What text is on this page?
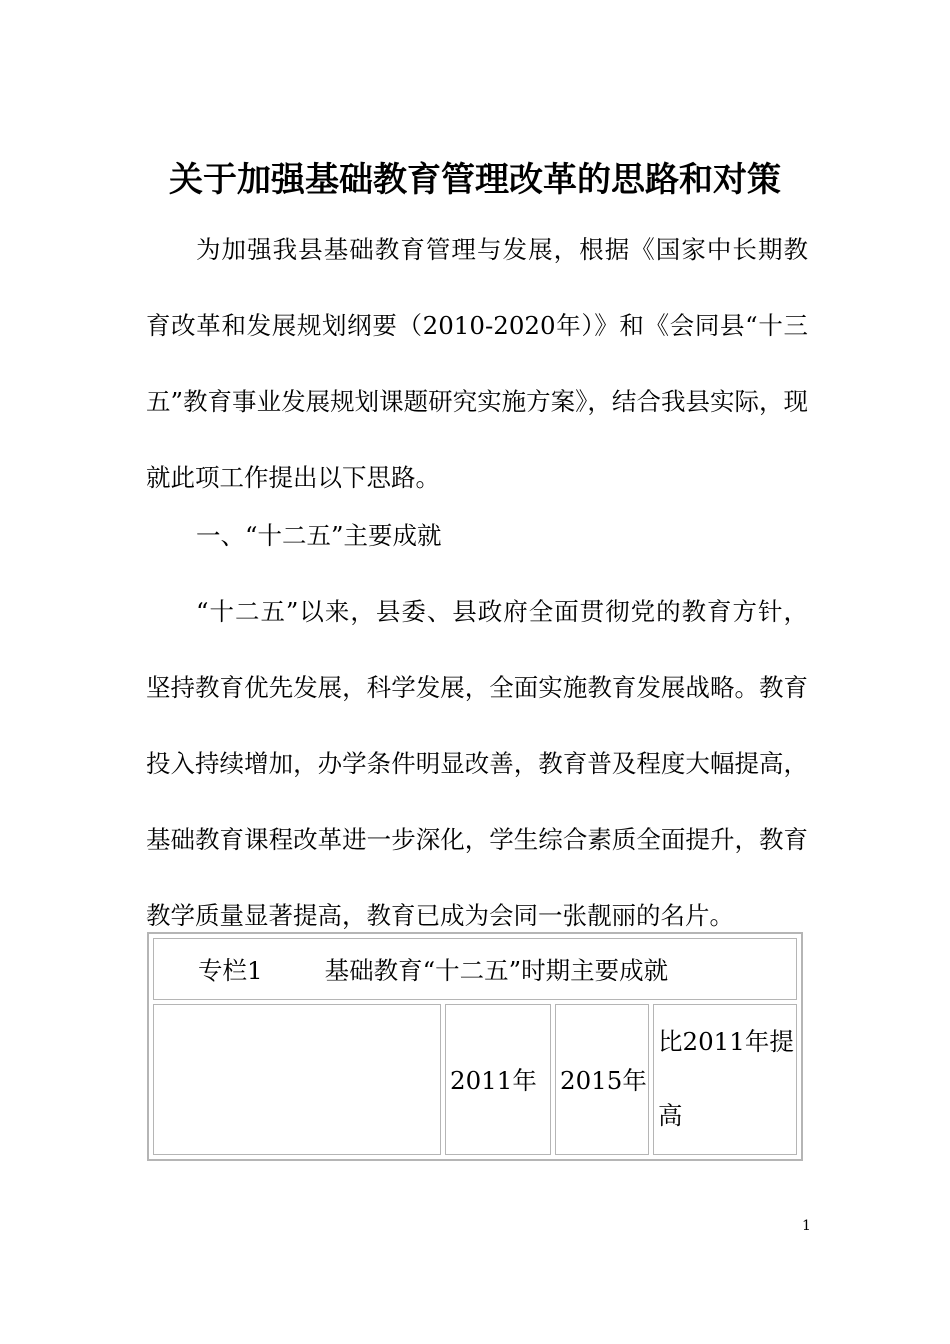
关于加强基础教育管理改革的思路和对策

为加强我县基础教育管理与发展，根据《国家中长期教育改革和发展规划纲要（2010-2020年）》和《会同县“十三五”教育事业发展规划课题研究实施方案》，结合我县实际，现就此项工作提出以下思路。

一、“十二五”主要成就

“十二五”以来，县委、县政府全面贯彻党的教育方针，坚持教育优先发展，科学发展，全面实施教育发展战略。教育投入持续增加，办学条件明显改善，教育普及程度大幅提高，基础教育课程改革进一步深化，学生综合素质全面提升，教育教学质量显著提高，教育已成为会同一张靓丽的名片。

专栏1	基础教育“十二五”时期主要成就
	2011年	2015年	比2011年提高
1
